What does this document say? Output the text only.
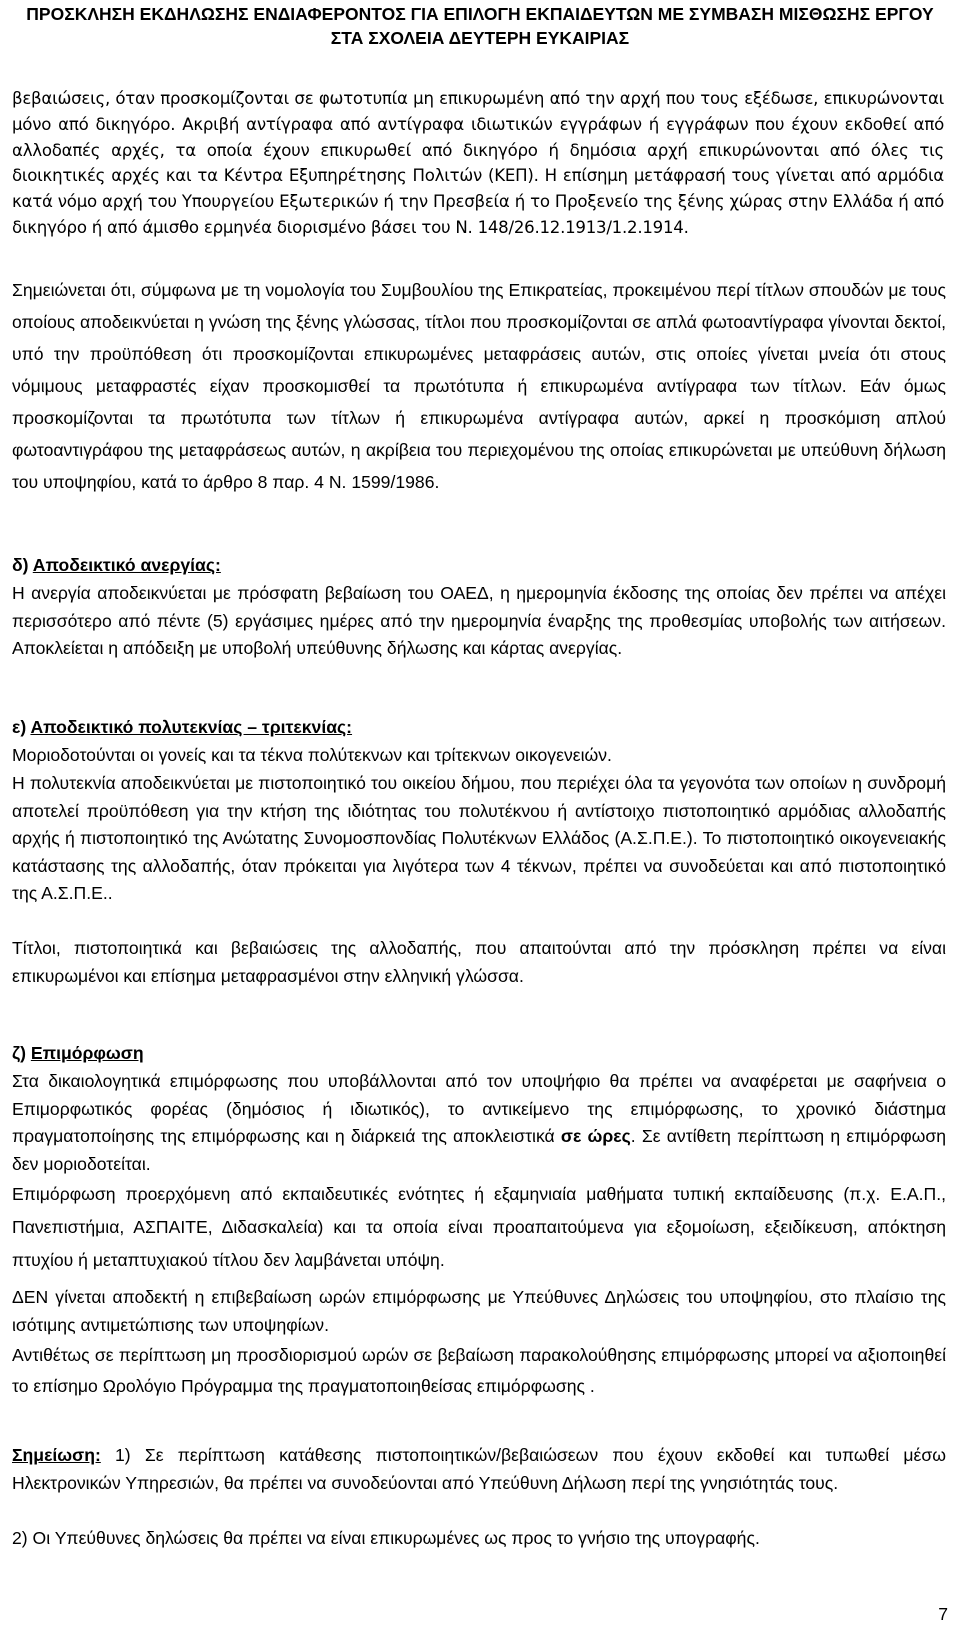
ΠΡΟΣΚΛΗΣΗ ΕΚΔΗΛΩΣΗΣ ΕΝΔΙΑΦΕΡΟΝΤΟΣ ΓΙΑ ΕΠΙΛΟΓΗ ΕΚΠΑΙΔΕΥΤΩΝ ΜΕ ΣΥΜΒΑΣΗ ΜΙΣΘΩΣΗΣ ΕΡΓΟΥ
ΣΤΑ ΣΧΟΛΕΙΑ ΔΕΥΤΕΡΗ ΕΥΚΑΙΡΙΑΣ

βεβαιώσεις, όταν προσκομίζονται σε φωτοτυπία μη επικυρωμένη από την αρχή που τους εξέδωσε, επικυρώνονται μόνο από δικηγόρο. Ακριβή αντίγραφα από αντίγραφα ιδιωτικών εγγράφων ή εγγράφων που έχουν εκδοθεί από αλλοδαπές αρχές, τα οποία έχουν επικυρωθεί από δικηγόρο ή δημόσια αρχή επικυρώνονται από όλες τις διοικητικές αρχές και τα Κέντρα Εξυπηρέτησης Πολιτών (ΚΕΠ). Η επίσημη μετάφρασή τους γίνεται από αρμόδια κατά νόμο αρχή του Υπουργείου Εξωτερικών ή την Πρεσβεία ή το Προξενείο της ξένης χώρας στην Ελλάδα ή από δικηγόρο ή από άμισθο ερμηνέα διορισμένο βάσει του Ν. 148/26.12.1913/1.2.1914.

Σημειώνεται ότι, σύμφωνα με τη νομολογία του Συμβουλίου της Επικρατείας, προκειμένου περί τίτλων σπουδών με τους οποίους αποδεικνύεται η γνώση της ξένης γλώσσας, τίτλοι που προσκομίζονται σε απλά φωτοαντίγραφα γίνονται δεκτοί, υπό την προϋπόθεση ότι προσκομίζονται επικυρωμένες μεταφράσεις αυτών, στις οποίες γίνεται μνεία ότι στους νόμιμους μεταφραστές είχαν προσκομισθεί τα πρωτότυπα ή επικυρωμένα αντίγραφα των τίτλων. Εάν όμως προσκομίζονται τα πρωτότυπα των τίτλων ή επικυρωμένα αντίγραφα αυτών, αρκεί η προσκόμιση απλού φωτοαντιγράφου της μεταφράσεως αυτών, η ακρίβεια του περιεχομένου της οποίας επικυρώνεται με υπεύθυνη δήλωση του υποψηφίου, κατά το άρθρο 8 παρ. 4 Ν. 1599/1986.

δ) Αποδεικτικό ανεργίας:

Η ανεργία αποδεικνύεται με πρόσφατη βεβαίωση του ΟΑΕΔ, η ημερομηνία έκδοσης της οποίας δεν πρέπει να απέχει περισσότερο από πέντε (5) εργάσιμες ημέρες από την ημερομηνία έναρξης της προθεσμίας υποβολής των αιτήσεων. Αποκλείεται η απόδειξη με υποβολή υπεύθυνης δήλωσης και κάρτας ανεργίας.

ε) Αποδεικτικό πολυτεκνίας – τριτεκνίας:

Μοριοδοτούνται οι γονείς και τα τέκνα πολύτεκνων και τρίτεκνων οικογενειών.

Η πολυτεκνία αποδεικνύεται με πιστοποιητικό του οικείου δήμου, που περιέχει όλα τα γεγονότα των οποίων η συνδρομή αποτελεί προϋπόθεση για την κτήση της ιδιότητας του πολυτέκνου ή αντίστοιχο πιστοποιητικό αρμόδιας αλλοδαπής αρχής ή πιστοποιητικό της Ανώτατης Συνομοσπονδίας Πολυτέκνων Ελλάδος (Α.Σ.Π.Ε.). Το πιστοποιητικό οικογενειακής κατάστασης της αλλοδαπής, όταν πρόκειται για λιγότερα των 4 τέκνων, πρέπει να συνοδεύεται και από πιστοποιητικό της Α.Σ.Π.Ε..

Τίτλοι, πιστοποιητικά και βεβαιώσεις της αλλοδαπής, που απαιτούνται από την πρόσκληση πρέπει να είναι επικυρωμένοι και επίσημα μεταφρασμένοι στην ελληνική γλώσσα.

ζ) Επιμόρφωση

Στα δικαιολογητικά επιμόρφωσης που υποβάλλονται από τον υποψήφιο θα πρέπει να αναφέρεται με σαφήνεια ο Επιμορφωτικός φορέας (δημόσιος ή ιδιωτικός), το αντικείμενο της επιμόρφωσης, το χρονικό διάστημα πραγματοποίησης της επιμόρφωσης και η διάρκειά της αποκλειστικά σε ώρες. Σε αντίθετη περίπτωση η επιμόρφωση δεν μοριοδοτείται.

Επιμόρφωση προερχόμενη από εκπαιδευτικές ενότητες ή εξαμηνιαία μαθήματα τυπική εκπαίδευσης (π.χ. Ε.Α.Π., Πανεπιστήμια, ΑΣΠΑΙΤΕ, Διδασκαλεία) και τα οποία είναι προαπαιτούμενα για εξομοίωση, εξειδίκευση, απόκτηση πτυχίου ή μεταπτυχιακού τίτλου δεν λαμβάνεται υπόψη.

ΔΕΝ γίνεται αποδεκτή η επιβεβαίωση ωρών επιμόρφωσης με Υπεύθυνες Δηλώσεις του υποψηφίου, στο πλαίσιο της ισότιμης αντιμετώπισης των υποψηφίων.

Αντιθέτως σε περίπτωση μη προσδιορισμού ωρών σε βεβαίωση παρακολούθησης επιμόρφωσης μπορεί να αξιοποιηθεί το επίσημο Ωρολόγιο Πρόγραμμα της πραγματοποιηθείσας επιμόρφωσης .

Σημείωση: 1) Σε περίπτωση κατάθεσης πιστοποιητικών/βεβαιώσεων που έχουν εκδοθεί και τυπωθεί μέσω Ηλεκτρονικών Υπηρεσιών, θα πρέπει να συνοδεύονται από Υπεύθυνη Δήλωση περί της γνησιότητάς τους.

2) Οι Υπεύθυνες δηλώσεις θα πρέπει να είναι επικυρωμένες ως προς το γνήσιο της υπογραφής.

7
